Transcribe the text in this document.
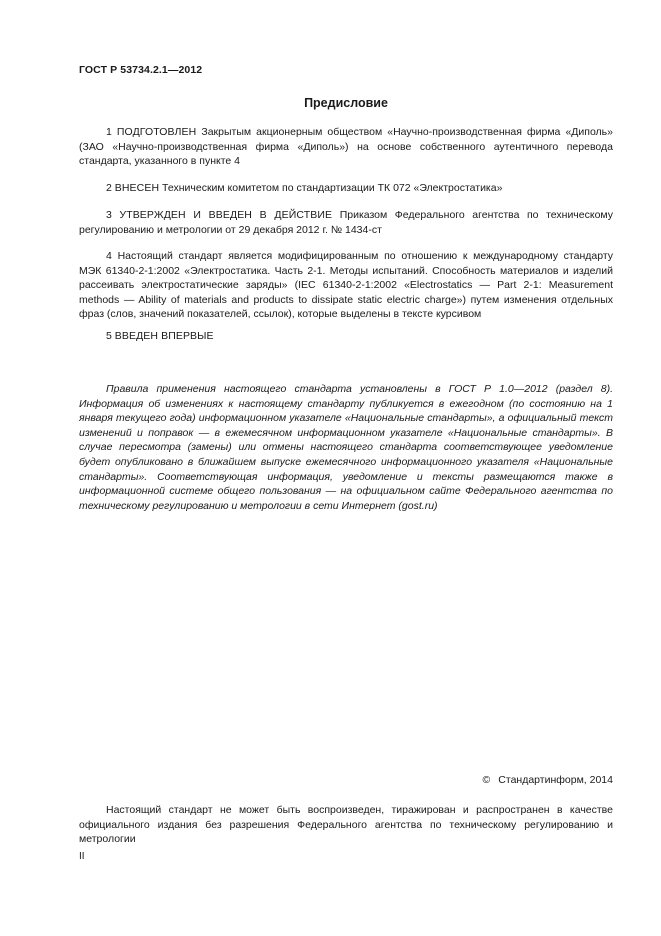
ГОСТ Р 53734.2.1—2012
Предисловие

1 ПОДГОТОВЛЕН Закрытым акционерным обществом «Научно-производственная фирма «Диполь» (ЗАО «Научно-производственная фирма «Диполь») на основе собственного аутентичного перевода стандарта, указанного в пункте 4

2 ВНЕСЕН Техническим комитетом по стандартизации ТК 072 «Электростатика»

3 УТВЕРЖДЕН И ВВЕДЕН В ДЕЙСТВИЕ Приказом Федерального агентства по техническому регулированию и метрологии от 29 декабря 2012 г. № 1434-ст

4 Настоящий стандарт является модифицированным по отношению к международному стандарту МЭК 61340-2-1:2002 «Электростатика. Часть 2-1. Методы испытаний. Способность материалов и изделий рассеивать электростатические заряды» (IEC 61340-2-1:2002 «Electrostatics — Part 2-1: Measurement methods — Ability of materials and products to dissipate static electric charge») путем изменения отдельных фраз (слов, значений показателей, ссылок), которые выделены в тексте курсивом

5 ВВЕДЕН ВПЕРВЫЕ

Правила применения настоящего стандарта установлены в ГОСТ Р 1.0—2012 (раздел 8). Информация об изменениях к настоящему стандарту публикуется в ежегодном (по состоянию на 1 января текущего года) информационном указателе «Национальные стандарты», а официальный текст изменений и поправок — в ежемесячном информационном указателе «Национальные стандарты». В случае пересмотра (замены) или отмены настоящего стандарта соответствующее уведомление будет опубликовано в ближайшем выпуске ежемесячного информационного указателя «Национальные стандарты». Соответствующая информация, уведомление и тексты размещаются также в информационной системе общего пользования — на официальном сайте Федерального агентства по техническому регулированию и метрологии в сети Интернет (gost.ru)

© Стандартинформ, 2014

Настоящий стандарт не может быть воспроизведен, тиражирован и распространен в качестве официального издания без разрешения Федерального агентства по техническому регулированию и метрологии

II
